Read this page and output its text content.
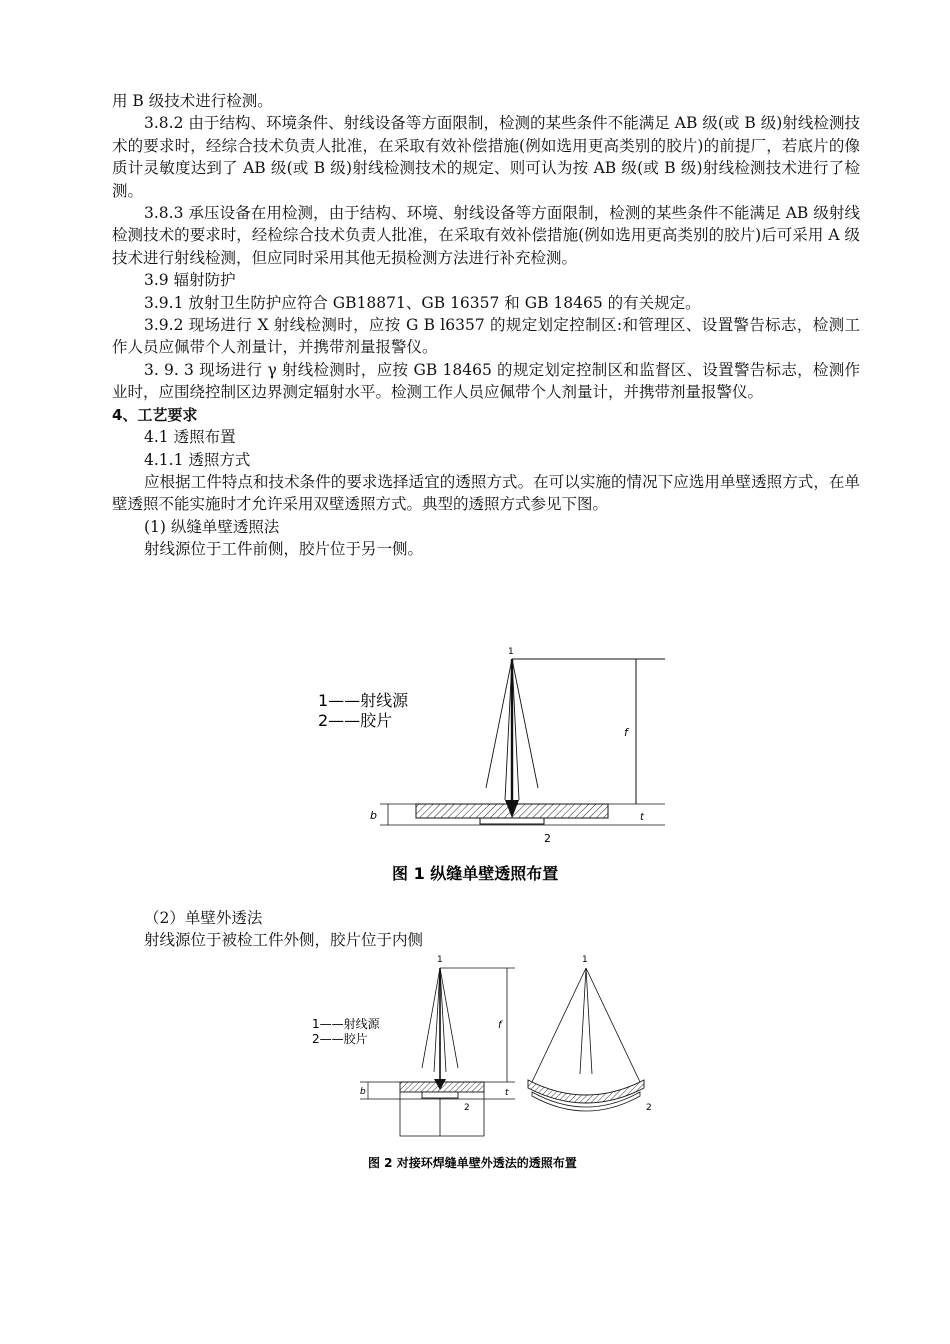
用 B 级技术进行检测。

3.8.2 由于结构、环境条件、射线设备等方面限制，检测的某些条件不能满足 AB 级(或 B 级)射线检测技术的要求时，经综合技术负责人批准，在采取有效补偿措施(例如选用更高类别的胶片)的前提厂，若底片的像质计灵敏度达到了 AB 级(或 B 级)射线检测技术的规定、则可认为按 AB 级(或 B 级)射线检测技术进行了检测。

3.8.3 承压设备在用检测，由于结构、环境、射线设备等方面限制，检测的某些条件不能满足 AB 级射线检测技术的要求时，经检综合技术负责人批准，在采取有效补偿措施(例如选用更高类别的胶片)后可采用 A 级技术进行射线检测，但应同时采用其他无损检测方法进行补充检测。

3.9 辐射防护

3.9.1 放射卫生防护应符合 GB18871、GB 16357 和 GB 18465 的有关规定。

3.9.2 现场进行 X 射线检测时，应按 G B l6357 的规定划定控制区:和管理区、设置警告标志，检测工作人员应佩带个人剂量计，并携带剂量报警仪。

3. 9. 3 现场进行 γ 射线检测时，应按 GB 18465 的规定划定控制区和监督区、设置警告标志，检测作业时，应围绕控制区边界测定辐射水平。检测工作人员应佩带个人剂量计，并携带剂量报警仪。

4、工艺要求

4.1 透照布置

4.1.1 透照方式

应根据工件特点和技术条件的要求选择适宜的透照方式。在可以实施的情况下应选用单壁透照方式，在单壁透照不能实施时才允许采用双壁透照方式。典型的透照方式参见下图。

(1) 纵缝单壁透照法

射线源位于工件前侧，胶片位于另一侧。

1——射线源
2——胶片
1
2
f
b	t
图 1 纵缝单壁透照布置

（2）单壁外透法

射线源位于被检工件外侧，胶片位于内侧

1——射线源
2——胶片
1
2
f
b	t
1
2
图 2 对接环焊缝单壁外透法的透照布置
